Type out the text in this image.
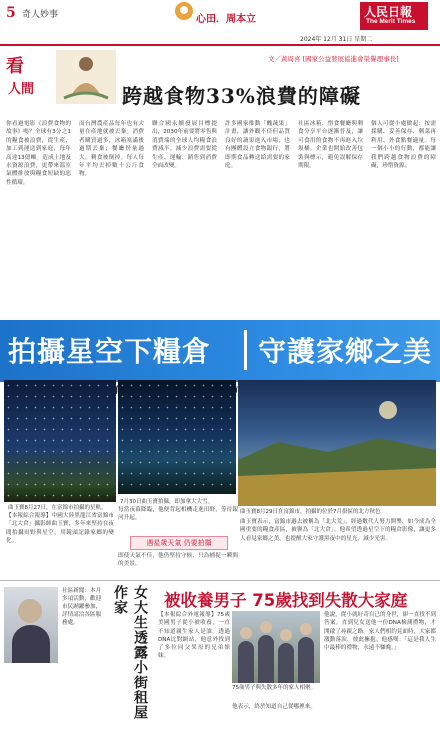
5 奇人妙事	心田．周本立
人民日報
The Merit Times
2024年 12月 31日 星期二
看
人間
文／黃周喜 [國家公益發展協進會榮譽理事長]
跨越食物33%浪費的障礙
你看過電影《浪費食物的故事》嗎？全球有3分之1的糧食被浪費，從生產、加工到運送到家庭，每年高達13億噸。造成土地及水資源浪費，更帶來溫室氣體排放與糧食短缺的惡性循環。
而台灣農產品每年也有大量在產地就被丟棄。消費者購買過多，冰箱塞滿後過期丟棄；餐廳份量過大，剩食被倒掉。每人每年平均丟掉數十公斤食物。
聯合國永續發展目標提出，2030年前要將零售與消費端的全球人均糧食浪費減半。減少浪費需要從生產、運輸、銷售到消費全面改變。
許多國家推動「醜蔬果」計畫，讓外觀不佳但品質良好的蔬果進入市場；也有團體設立食物銀行，將即期食品轉送給需要的家庭。
社區冰箱、惜食餐廳與剩食分享平台逐漸普及，讓可食用的食物不再進入垃圾桶。企業也開始改善包裝與標示，避免誤解保存期限。
個人可從小處做起：按需採購、妥善保存、剩菜再利用、外食點餐適量。每一個小小的行動，都能讓我們跨越食物浪費的障礙，珍惜資源。
拍攝星空下糧倉 守護家鄉之美
曲玉寶8月27日，在富錦市拍攝的星軌。
7月30日曲玉寶拍攝，即加拿大大雪。
曲玉寶8月29日在富錦市，拍攝的位於7月掛區的北方秋色。
【本報綜合報導】中國大陸黑龍江省富錦市「北大倉」攝影師曲玉寶，多年來堅持在夜間拍攝田野與星空，用鏡頭記錄家鄉的變化。
每當夜幕降臨，他便背起相機走進田野，等待銀河升起。
遇星歲天氣 仍要拍攝
即使天氣不佳，他仍堅持守候，只為捕捉一瞬間的美景。
曲玉寶表示，富錦市過去被稱為「北大荒」，經過數代人努力開墾，如今成為全國重要的糧食產區，被譽為「北大倉」。他希望透過星空下的糧倉影像，讓更多人看見家鄉之美，也提醒大家守護黑夜中的星光，減少光害。
社區新聞：本月多項活動，歡迎市民踴躍參加，詳情請洽各區服務處。	女大生透露小街租屋作家	被收養男子 75歲找到失散大家庭
【本報綜合外電報導】75歲美國男子從小被收養，一直不知道親生家人是誰。透過DNA比對網站，他意外找到了多位同父異母的兄弟姐妹。
75歲男子與失散多年的家人相聚。
他表示，終於知道自己從哪裡來。
他說，從小就好奇自己的身世，卻一直找不到答案。直到兒女送他一份DNA檢測禮物，才開啟了尋親之路。家人們相約見面時，大家都激動落淚，彼此擁抱。他感嘆：「這是我人生中最棒的禮物，永遠不嫌晚。」
